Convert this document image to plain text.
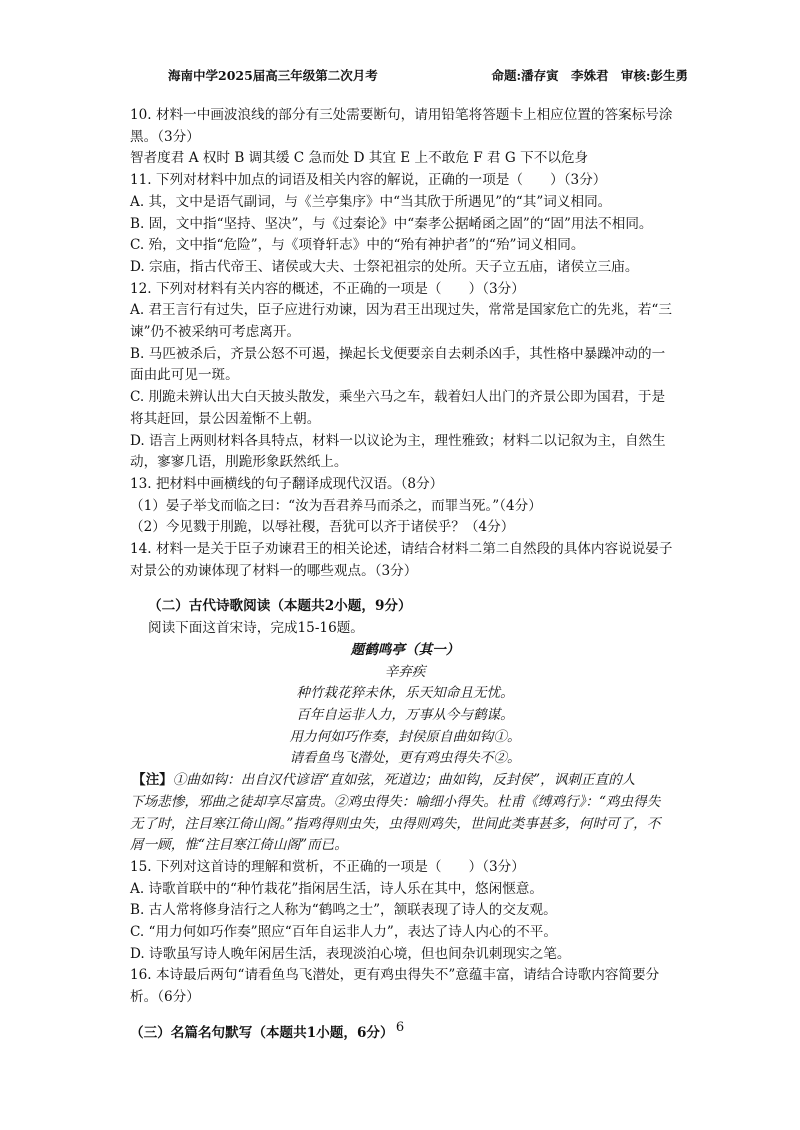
海南中学2025届高三年级第二次月考	命题:潘存寅 李姝君 审核:彭生勇

10. 材料一中画波浪线的部分有三处需要断句，请用铅笔将答题卡上相应位置的答案标号涂

黑。（3分）

智者度君 A 权时 B 调其缓 C 急而处 D 其宜 E 上不敢危 F 君 G 下不以危身

11. 下列对材料中加点的词语及相关内容的解说，正确的一项是（　　）（3分）

A. 其，文中是语气副词，与《兰亭集序》中“当其欣于所遇见”的“其”词义相同。

B. 固，文中指“坚持、坚决”，与《过秦论》中“秦孝公据崤函之固”的“固”用法不相同。

C. 殆，文中指“危险”，与《项脊轩志》中的“殆有神护者”的“殆”词义相同。

D. 宗庙，指古代帝王、诸侯或大夫、士祭祀祖宗的处所。天子立五庙，诸侯立三庙。

12. 下列对材料有关内容的概述，不正确的一项是（　　）（3分）

A. 君王言行有过失，臣子应进行劝谏，因为君王出现过失，常常是国家危亡的先兆，若“三

谏”仍不被采纳可考虑离开。

B. 马匹被杀后，齐景公怒不可遏，操起长戈便要亲自去刺杀凶手，其性格中暴躁冲动的一

面由此可见一斑。

C. 刖跪未辨认出大白天披头散发，乘坐六马之车，载着妇人出门的齐景公即为国君，于是

将其赶回，景公因羞惭不上朝。

D. 语言上两则材料各具特点，材料一以议论为主，理性雅致；材料二以记叙为主，自然生

动，寥寥几语，刖跪形象跃然纸上。

13. 把材料中画横线的句子翻译成现代汉语。（8分）

（1）晏子举戈而临之曰：“汝为吾君养马而杀之，而罪当死。”（4分）

（2）今见戮于刖跪，以辱社稷，吾犹可以齐于诸侯乎？（4分）

14. 材料一是关于臣子劝谏君王的相关论述，请结合材料二第二自然段的具体内容说说晏子

对景公的劝谏体现了材料一的哪些观点。（3分）

（二）古代诗歌阅读（本题共2小题，9分）

阅读下面这首宋诗，完成15-16题。

题鹤鸣亭（其一）

辛弃疾

种竹栽花猝未休，乐天知命且无忧。

百年自运非人力，万事从今与鹤谋。

用力何如巧作奏，封侯原自曲如钩①。

请看鱼鸟飞潜处，更有鸡虫得失不②。

【注】①曲如钩：出自汉代谚语“直如弦，死道边；曲如钩，反封侯”，讽刺正直的人

下场悲惨，邪曲之徒却享尽富贵。②鸡虫得失：喻细小得失。杜甫《缚鸡行》：“鸡虫得失

无了时，注目寒江倚山阁。”指鸡得则虫失，虫得则鸡失，世间此类事甚多，何时可了，不

屑一顾，惟“注目寒江倚山阁”而已。

15. 下列对这首诗的理解和赏析，不正确的一项是（　　）（3分）

A. 诗歌首联中的“种竹栽花”指闲居生活，诗人乐在其中，悠闲惬意。

B. 古人常将修身洁行之人称为“鹤鸣之士”，颔联表现了诗人的交友观。

C. “用力何如巧作奏”照应“百年自运非人力”，表达了诗人内心的不平。

D. 诗歌虽写诗人晚年闲居生活，表现淡泊心境，但也间杂讥刺现实之笔。

16. 本诗最后两句“请看鱼鸟飞潜处，更有鸡虫得失不”意蕴丰富，请结合诗歌内容简要分

析。（6分）

（三）名篇名句默写（本题共1小题，6分） 6
